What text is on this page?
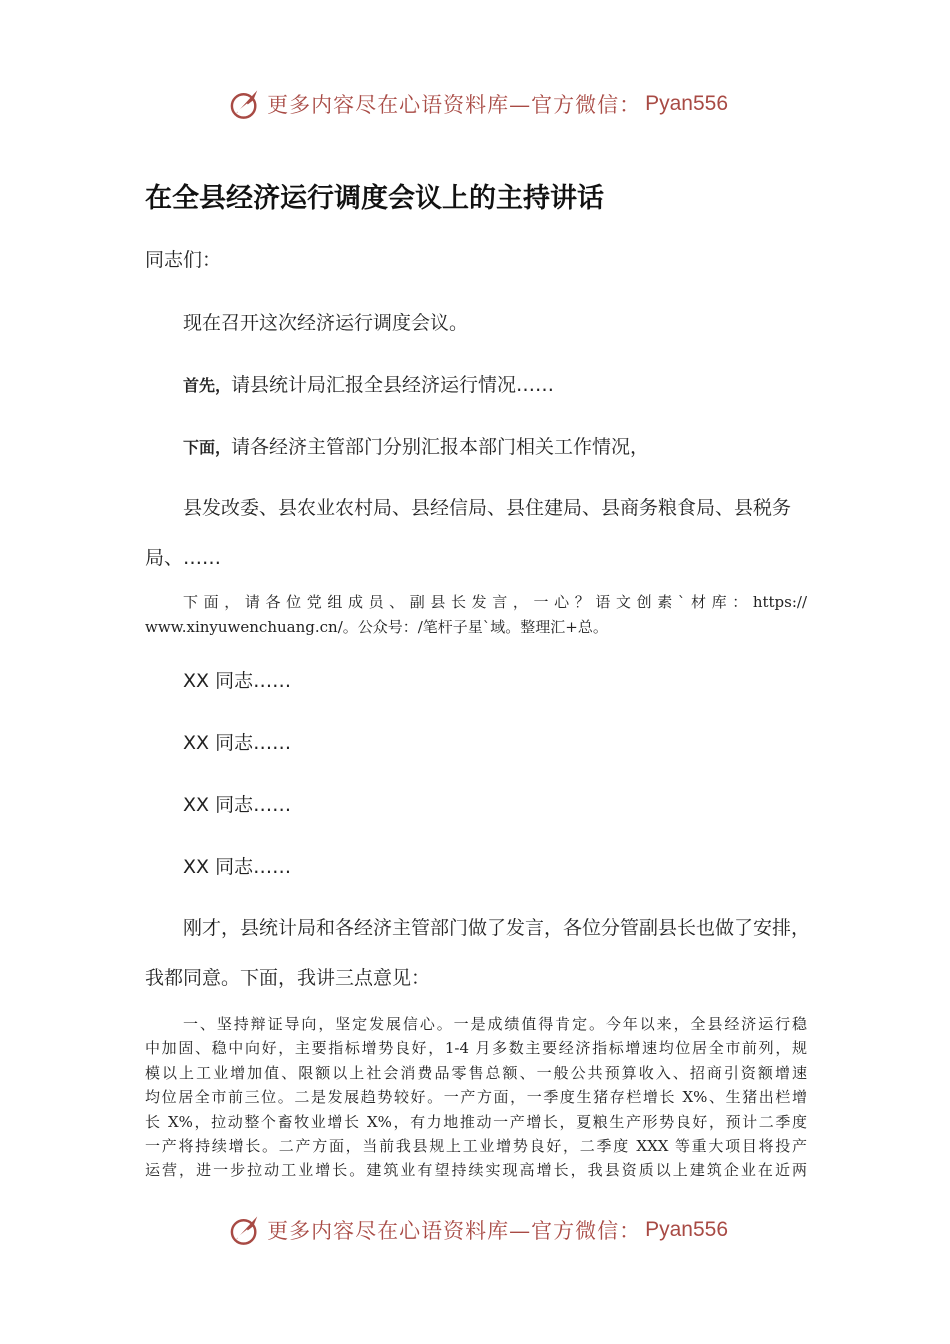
更多内容尽在心语资料库—官方微信： Pyan556
在全县经济运行调度会议上的主持讲话
同志们：
现在召开这次经济运行调度会议。
首先，请县统计局汇报全县经济运行情况……
下面，请各经济主管部门分别汇报本部门相关工作情况，
县发改委、县农业农村局、县经信局、县住建局、县商务粮食局、县税务
局、……
下面，请各位党组成员、副县长发言，一心？语文创素`材库：https://
www.xinyuwenchuang.cn/。公众号：/笔杆子星`域。整理汇+总。
XX 同志……
XX 同志……
XX 同志……
XX 同志……
刚才，县统计局和各经济主管部门做了发言，各位分管副县长也做了安排，
我都同意。下面，我讲三点意见：
一、坚持辩证导向，坚定发展信心。一是成绩值得肯定。今年以来，全县经济运行稳
中加固、稳中向好，主要指标增势良好，1-4 月多数主要经济指标增速均位居全市前列，规
模以上工业增加值、限额以上社会消费品零售总额、一般公共预算收入、招商引资额增速
均位居全市前三位。二是发展趋势较好。一产方面，一季度生猪存栏增长 X%、生猪出栏增
长 X%，拉动整个畜牧业增长 X%，有力地推动一产增长，夏粮生产形势良好，预计二季度
一产将持续增长。二产方面，当前我县规上工业增势良好，二季度 XXX 等重大项目将投产
运营，进一步拉动工业增长。建筑业有望持续实现高增长，我县资质以上建筑企业在近两
更多内容尽在心语资料库—官方微信： Pyan556
